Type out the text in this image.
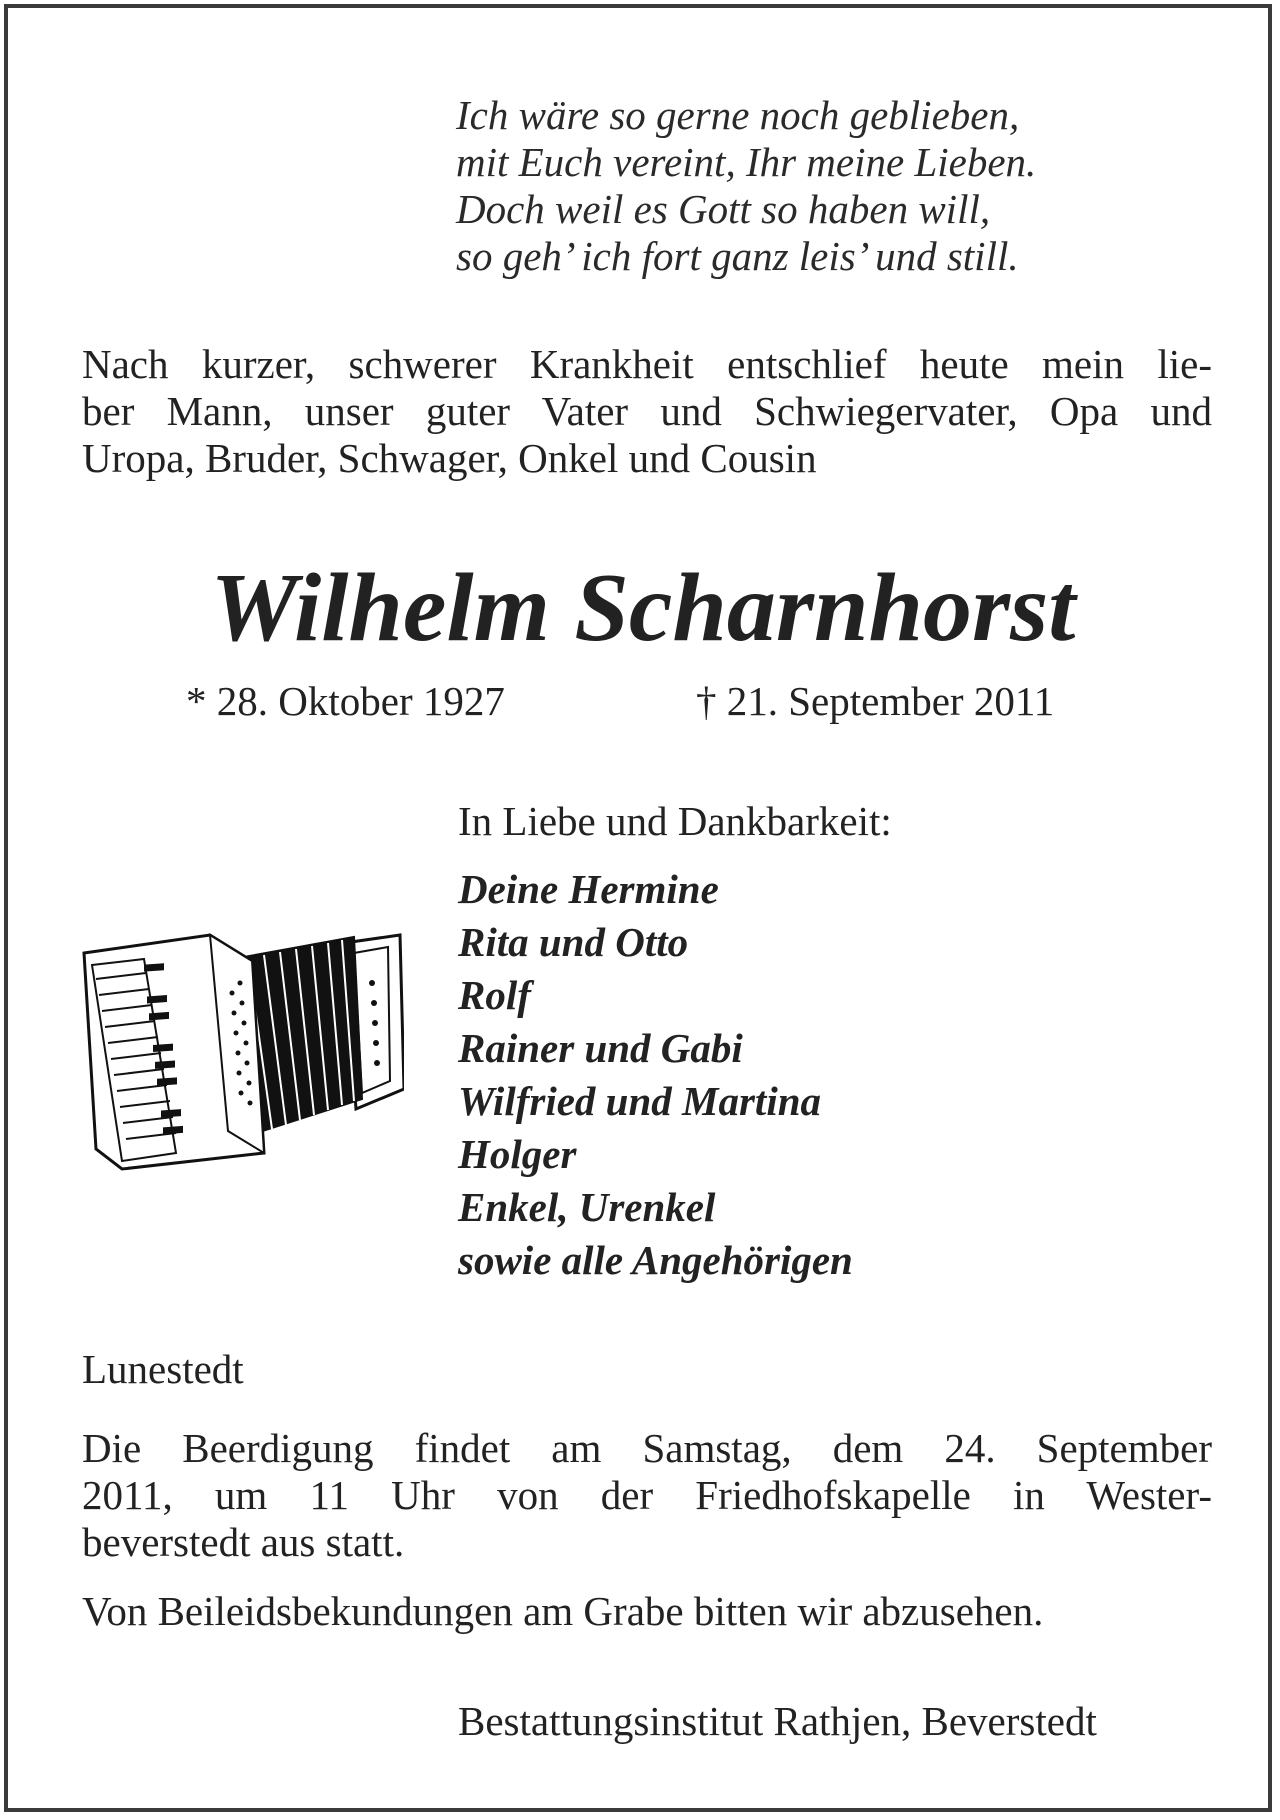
Ich wäre so gerne noch geblieben,
mit Euch vereint, Ihr meine Lieben.
Doch weil es Gott so haben will,
so geh’ ich fort ganz leis’ und still.
Nach kurzer, schwerer Krankheit entschlief heute mein lie-
ber Mann, unser guter Vater und Schwiegervater, Opa und
Uropa, Bruder, Schwager, Onkel und Cousin
Wilhelm Scharnhorst
* 28. Oktober 1927	† 21. September 2011
In Liebe und Dankbarkeit:
Deine Hermine
Rita und Otto
Rolf
Rainer und Gabi
Wilfried und Martina
Holger
Enkel, Urenkel
sowie alle Angehörigen
Lunestedt
Die Beerdigung findet am Samstag, dem 24. September
2011, um 11 Uhr von der Friedhofskapelle in Wester-
beverstedt aus statt.
Von Beileidsbekundungen am Grabe bitten wir abzusehen.
Bestattungsinstitut Rathjen, Beverstedt
